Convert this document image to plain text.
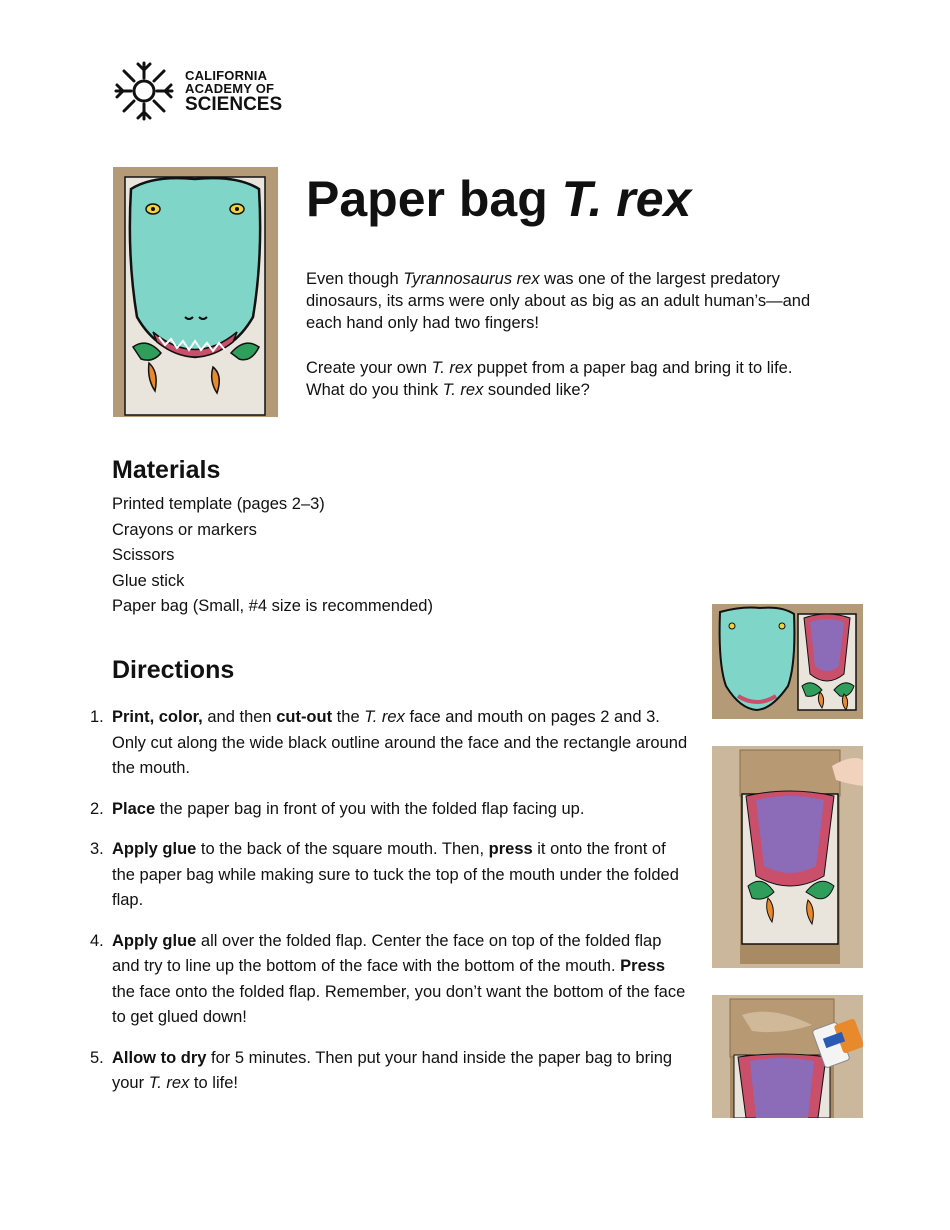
CALIFORNIA
ACADEMY OF
SCIENCES
Paper bag T. rex

Even though Tyrannosaurus rex was one of the largest predatory dinosaurs, its arms were only about as big as an adult human’s—and each hand only had two fingers!

Create your own T. rex puppet from a paper bag and bring it to life. What do you think T. rex sounded like?

Materials
Printed template (pages 2–3)
Crayons or markers
Scissors
Glue stick
Paper bag (Small, #4 size is recommended)
Directions
1. Print, color, and then cut-out the T. rex face and mouth on pages 2 and 3. Only cut along the wide black outline around the face and the rectangle around the mouth.
2. Place the paper bag in front of you with the folded flap facing up.
3. Apply glue to the back of the square mouth. Then, press it onto the front of the paper bag while making sure to tuck the top of the mouth under the folded flap.
4. Apply glue all over the folded flap. Center the face on top of the folded flap and try to line up the bottom of the face with the bottom of the mouth. Press the face onto the folded flap. Remember, you don’t want the bottom of the face to get glued down!
5. Allow to dry for 5 minutes. Then put your hand inside the paper bag to bring your T. rex to life!
